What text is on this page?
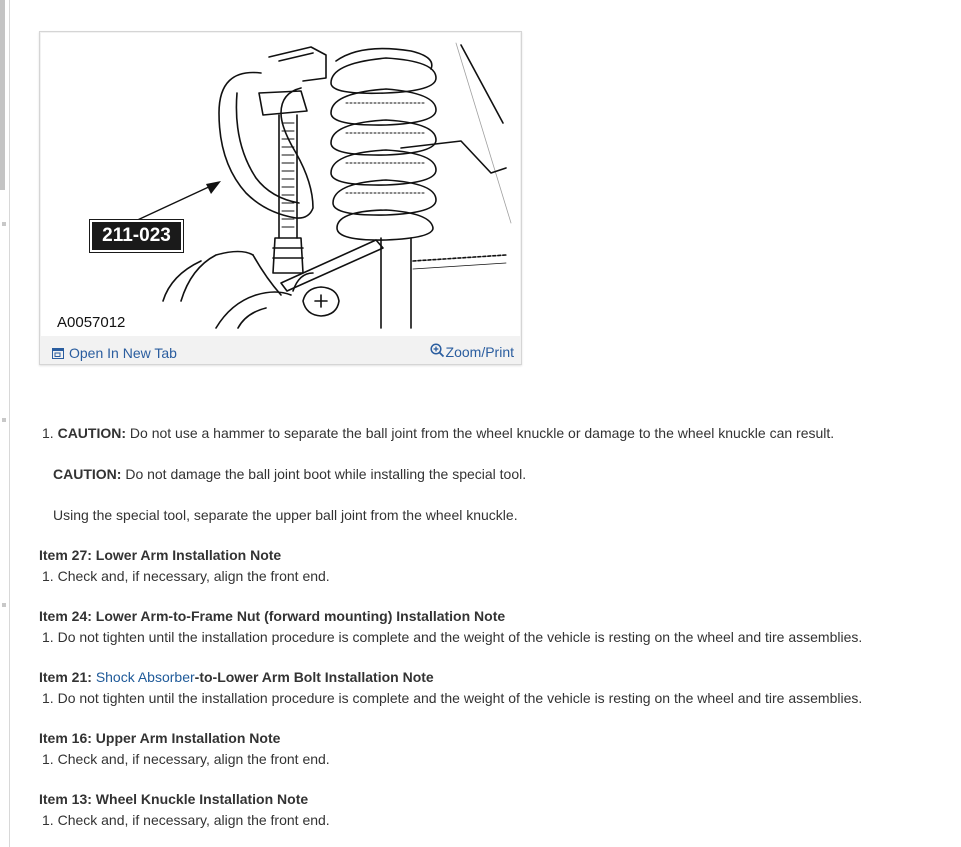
211-023
A0057012
Open In New Tab	Zoom/Print
1. CAUTION: Do not use a hammer to separate the ball joint from the wheel knuckle or damage to the wheel knuckle can result.
CAUTION: Do not damage the ball joint boot while installing the special tool.
Using the special tool, separate the upper ball joint from the wheel knuckle.
Item 27: Lower Arm Installation Note
1. Check and, if necessary, align the front end.
Item 24: Lower Arm-to-Frame Nut (forward mounting) Installation Note
1. Do not tighten until the installation procedure is complete and the weight of the vehicle is resting on the wheel and tire assemblies.
Item 21: Shock Absorber-to-Lower Arm Bolt Installation Note
1. Do not tighten until the installation procedure is complete and the weight of the vehicle is resting on the wheel and tire assemblies.
Item 16: Upper Arm Installation Note
1. Check and, if necessary, align the front end.
Item 13: Wheel Knuckle Installation Note
1. Check and, if necessary, align the front end.
